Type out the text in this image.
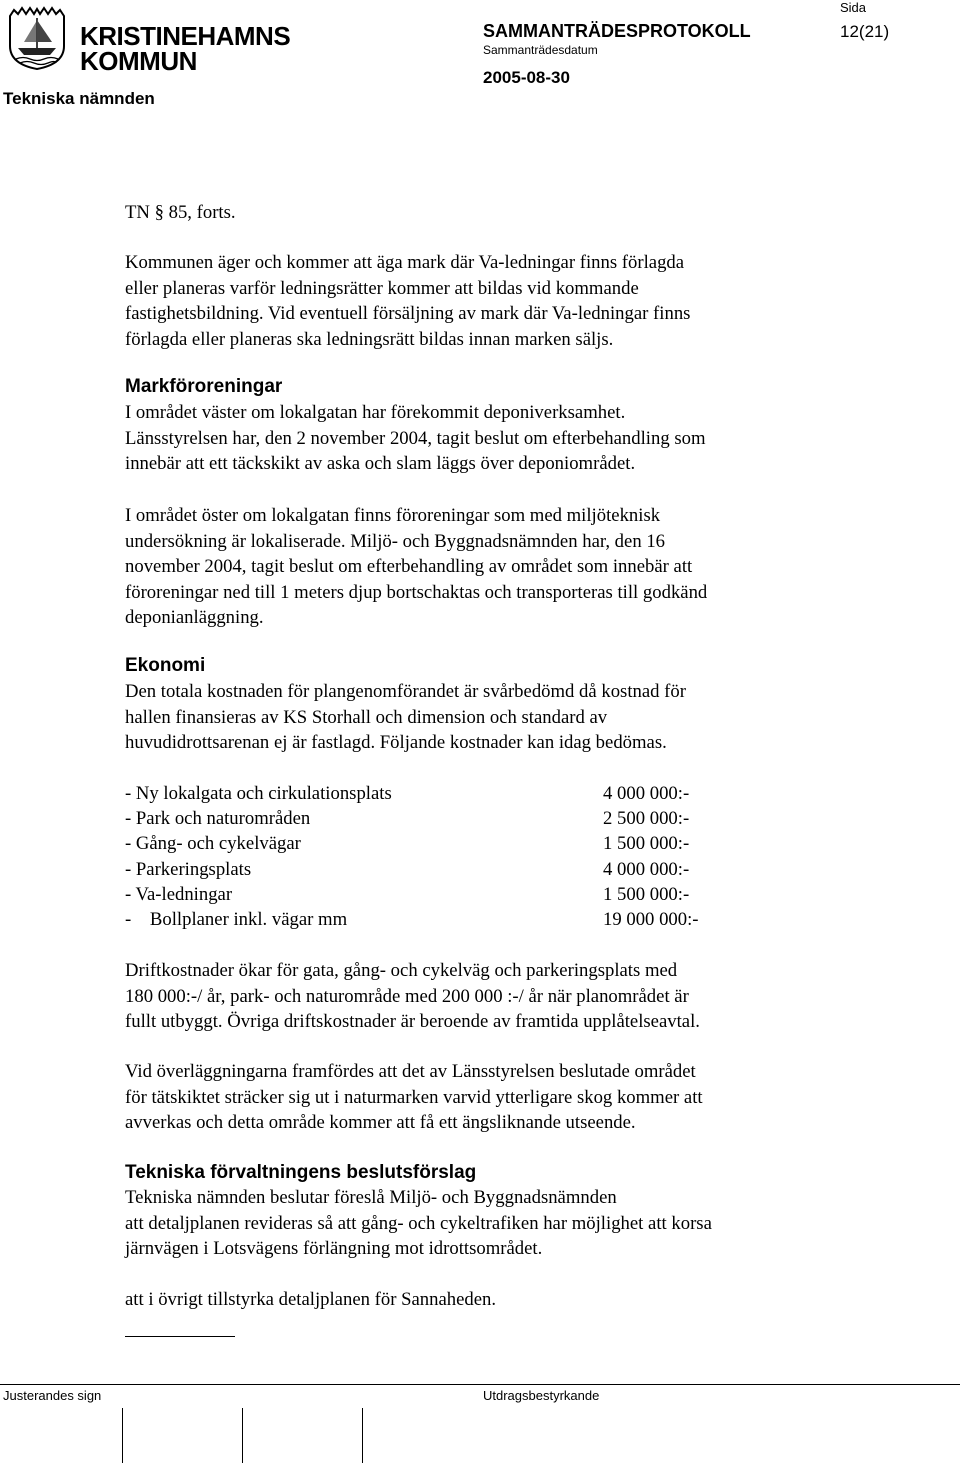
KRISTINEHAMNS
KOMMUN
Tekniska nämnden
SAMMANTRÄDESPROTOKOLL
Sammanträdesdatum
2005-08-30
Sida
12(21)
TN § 85, forts.
Kommunen äger och kommer att äga mark där Va-ledningar finns förlagda
eller planeras varför ledningsrätter kommer att bildas vid kommande
fastighetsbildning. Vid eventuell försäljning av mark där Va-ledningar finns
förlagda eller planeras ska ledningsrätt bildas innan marken säljs.
Markföroreningar
I området väster om lokalgatan har förekommit deponiverksamhet.
Länsstyrelsen har, den 2 november 2004, tagit beslut om efterbehandling som
innebär att ett täckskikt av aska och slam läggs över deponiområdet.
I området öster om lokalgatan finns föroreningar som med miljöteknisk
undersökning är lokaliserade. Miljö- och Byggnadsnämnden har, den 16
november 2004, tagit beslut om efterbehandling av området som innebär att
föroreningar ned till 1 meters djup bortschaktas och transporteras till godkänd
deponianläggning.
Ekonomi
Den totala kostnaden för plangenomförandet är svårbedömd då kostnad för
hallen finansieras av KS Storhall och dimension och standard av
huvudidrottsarenan ej är fastlagd. Följande kostnader kan idag bedömas.
- Ny lokalgata och cirkulationsplats	4 000 000:-
- Park och naturområden	2 500 000:-
- Gång- och cykelvägar	1 500 000:-
- Parkeringsplats	4 000 000:-
- Va-ledningar	1 500 000:-
-    Bollplaner inkl. vägar mm	19 000 000:-
Driftkostnader ökar för gata, gång- och cykelväg och parkeringsplats med
180 000:-/ år, park- och naturområde med 200 000 :-/ år när planområdet är
fullt utbyggt. Övriga driftskostnader är beroende av framtida upplåtelseavtal.
Vid överläggningarna framfördes att det av Länsstyrelsen beslutade området
för tätskiktet sträcker sig ut i naturmarken varvid ytterligare skog kommer att
avverkas och detta område kommer att få ett ängsliknande utseende.
Tekniska förvaltningens beslutsförslag
Tekniska nämnden beslutar föreslå Miljö- och Byggnadsnämnden
att detaljplanen revideras så att gång- och cykeltrafiken har möjlighet att korsa
järnvägen i Lotsvägens förlängning mot idrottsområdet.
att i övrigt tillstyrka detaljplanen för Sannaheden.
Justerandes sign	Utdragsbestyrkande
